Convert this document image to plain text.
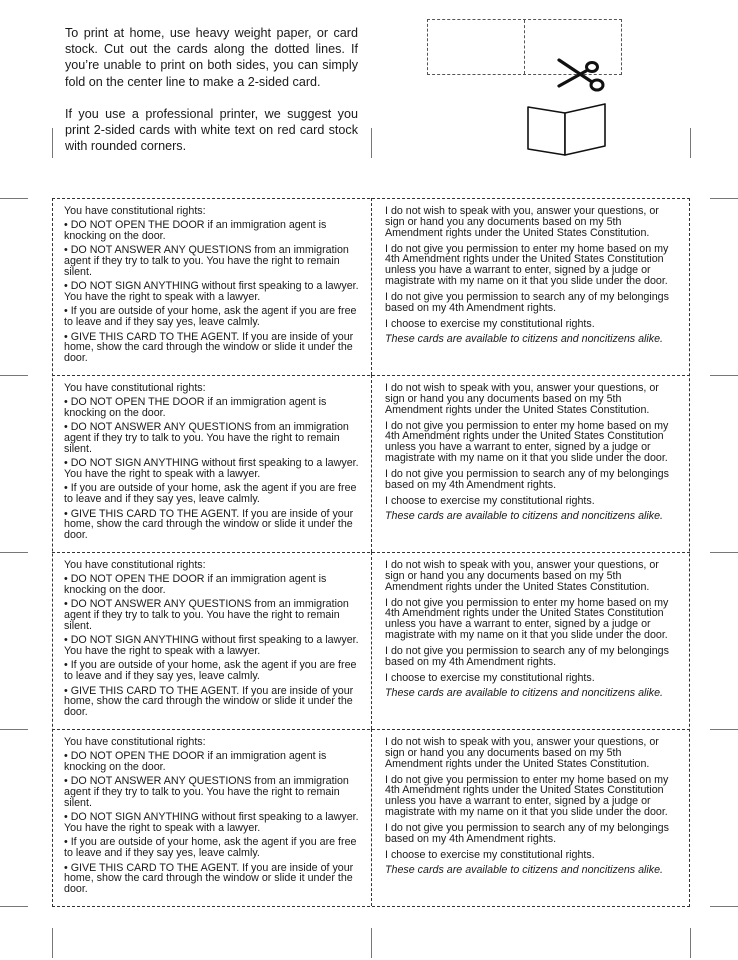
To print at home, use heavy weight paper, or card stock. Cut out the cards along the dotted lines. If you’re unable to print on both sides, you can simply fold on the center line to make a 2-sided card.

If you use a professional printer, we suggest you print 2-sided cards with white text on red card stock with rounded corners.

You have constitutional rights:

• DO NOT OPEN THE DOOR if an immigration agent is knocking on the door.

• DO NOT ANSWER ANY QUESTIONS from an immigration agent if they try to talk to you. You have the right to remain silent.

• DO NOT SIGN ANYTHING without first speaking to a lawyer. You have the right to speak with a lawyer.

• If you are outside of your home, ask the agent if you are free to leave and if they say yes, leave calmly.

• GIVE THIS CARD TO THE AGENT. If you are inside of your home, show the card through the window or slide it under the door.

I do not wish to speak with you, answer your questions, or sign or hand you any documents based on my 5th Amendment rights under the United States Constitution.

I do not give you permission to enter my home based on my 4th Amendment rights under the United States Constitution unless you have a warrant to enter, signed by a judge or magistrate with my name on it that you slide under the door.

I do not give you permission to search any of my belongings based on my 4th Amendment rights.

I choose to exercise my constitutional rights.

These cards are available to citizens and noncitizens alike.

You have constitutional rights:

• DO NOT OPEN THE DOOR if an immigration agent is knocking on the door.

• DO NOT ANSWER ANY QUESTIONS from an immigration agent if they try to talk to you. You have the right to remain silent.

• DO NOT SIGN ANYTHING without first speaking to a lawyer. You have the right to speak with a lawyer.

• If you are outside of your home, ask the agent if you are free to leave and if they say yes, leave calmly.

• GIVE THIS CARD TO THE AGENT. If you are inside of your home, show the card through the window or slide it under the door.

I do not wish to speak with you, answer your questions, or sign or hand you any documents based on my 5th Amendment rights under the United States Constitution.

I do not give you permission to enter my home based on my 4th Amendment rights under the United States Constitution unless you have a warrant to enter, signed by a judge or magistrate with my name on it that you slide under the door.

I do not give you permission to search any of my belongings based on my 4th Amendment rights.

I choose to exercise my constitutional rights.

These cards are available to citizens and noncitizens alike.

You have constitutional rights:

• DO NOT OPEN THE DOOR if an immigration agent is knocking on the door.

• DO NOT ANSWER ANY QUESTIONS from an immigration agent if they try to talk to you. You have the right to remain silent.

• DO NOT SIGN ANYTHING without first speaking to a lawyer. You have the right to speak with a lawyer.

• If you are outside of your home, ask the agent if you are free to leave and if they say yes, leave calmly.

• GIVE THIS CARD TO THE AGENT. If you are inside of your home, show the card through the window or slide it under the door.

I do not wish to speak with you, answer your questions, or sign or hand you any documents based on my 5th Amendment rights under the United States Constitution.

I do not give you permission to enter my home based on my 4th Amendment rights under the United States Constitution unless you have a warrant to enter, signed by a judge or magistrate with my name on it that you slide under the door.

I do not give you permission to search any of my belongings based on my 4th Amendment rights.

I choose to exercise my constitutional rights.

These cards are available to citizens and noncitizens alike.

You have constitutional rights:

• DO NOT OPEN THE DOOR if an immigration agent is knocking on the door.

• DO NOT ANSWER ANY QUESTIONS from an immigration agent if they try to talk to you. You have the right to remain silent.

• DO NOT SIGN ANYTHING without first speaking to a lawyer. You have the right to speak with a lawyer.

• If you are outside of your home, ask the agent if you are free to leave and if they say yes, leave calmly.

• GIVE THIS CARD TO THE AGENT. If you are inside of your home, show the card through the window or slide it under the door.

I do not wish to speak with you, answer your questions, or sign or hand you any documents based on my 5th Amendment rights under the United States Constitution.

I do not give you permission to enter my home based on my 4th Amendment rights under the United States Constitution unless you have a warrant to enter, signed by a judge or magistrate with my name on it that you slide under the door.

I do not give you permission to search any of my belongings based on my 4th Amendment rights.

I choose to exercise my constitutional rights.

These cards are available to citizens and noncitizens alike.
